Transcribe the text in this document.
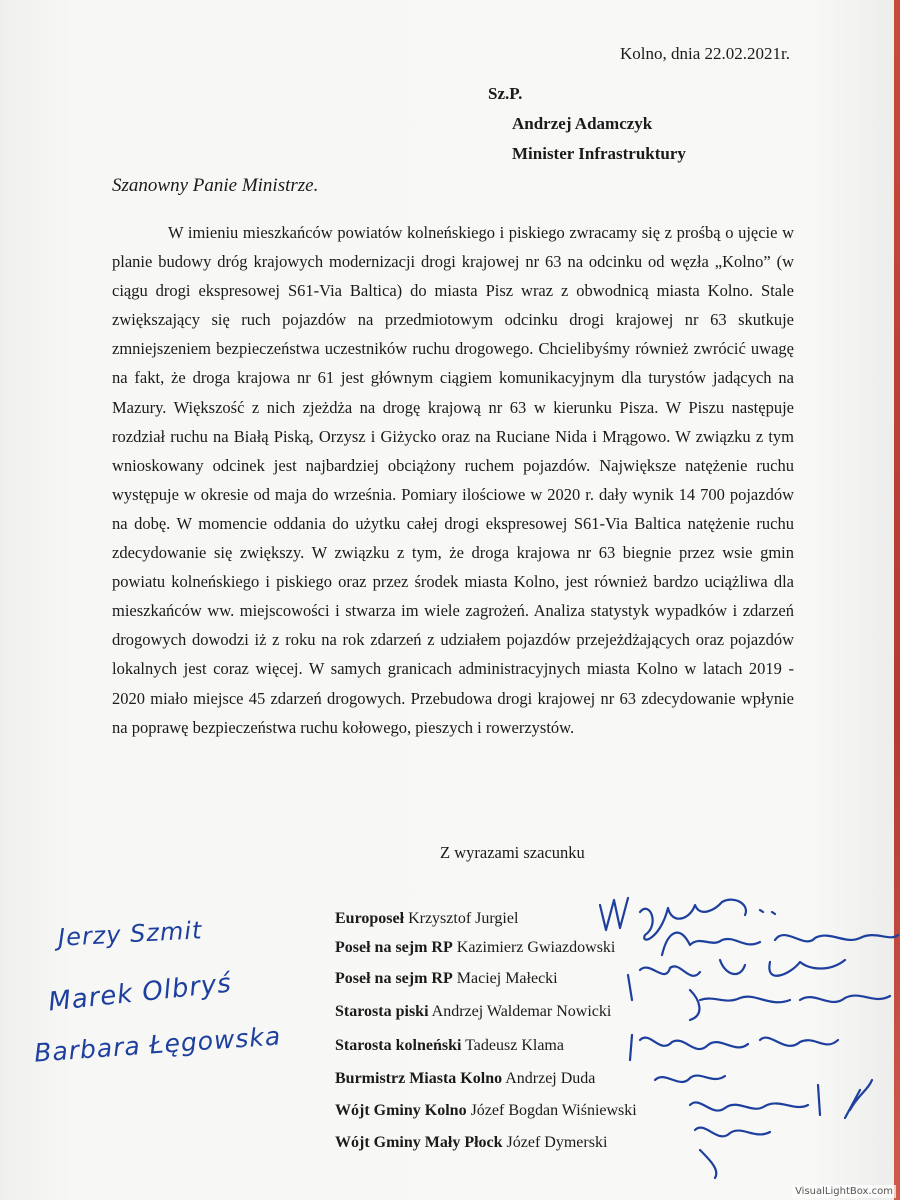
Kolno, dnia 22.02.2021r.
Sz.P.
Andrzej Adamczyk
Minister Infrastruktury
Szanowny Panie Ministrze.
W imieniu mieszkańców powiatów kolneńskiego i piskiego zwracamy się z prośbą o ujęcie w planie budowy dróg krajowych modernizacji drogi krajowej nr 63 na odcinku od węzła „Kolno” (w ciągu drogi ekspresowej S61-Via Baltica) do miasta Pisz wraz z obwodnicą miasta Kolno. Stale zwiększający się ruch pojazdów na przedmiotowym odcinku drogi krajowej nr 63 skutkuje zmniejszeniem bezpieczeństwa uczestników ruchu drogowego. Chcielibyśmy również zwrócić uwagę na fakt, że droga krajowa nr 61 jest głównym ciągiem komunikacyjnym dla turystów jadących na Mazury. Większość z nich zjeżdża na drogę krajową nr 63 w kierunku Pisza. W Piszu następuje rozdział ruchu na Białą Piską, Orzysz i Giżycko oraz na Ruciane Nida i Mrągowo. W związku z tym wnioskowany odcinek jest najbardziej obciążony ruchem pojazdów. Największe natężenie ruchu występuje w okresie od maja do września. Pomiary ilościowe w 2020 r. dały wynik 14 700 pojazdów na dobę. W momencie oddania do użytku całej drogi ekspresowej S61-Via Baltica natężenie ruchu zdecydowanie się zwiększy. W związku z tym, że droga krajowa nr 63 biegnie przez wsie gmin powiatu kolneńskiego i piskiego oraz przez środek miasta Kolno, jest również bardzo uciążliwa dla mieszkańców ww. miejscowości i stwarza im wiele zagrożeń. Analiza statystyk wypadków i zdarzeń drogowych dowodzi iż z roku na rok zdarzeń z udziałem pojazdów przejeżdżających oraz pojazdów lokalnych jest coraz więcej. W samych granicach administracyjnych miasta Kolno w latach 2019 - 2020 miało miejsce 45 zdarzeń drogowych. Przebudowa drogi krajowej nr 63 zdecydowanie wpłynie na poprawę bezpieczeństwa ruchu kołowego, pieszych i rowerzystów.
Z wyrazami szacunku
Europoseł Krzysztof Jurgiel
Poseł na sejm RP Kazimierz Gwiazdowski
Poseł na sejm RP Maciej Małecki
Starosta piski Andrzej Waldemar Nowicki
Starosta kolneński Tadeusz Klama
Burmistrz Miasta Kolno Andrzej Duda
Wójt Gminy Kolno Józef Bogdan Wiśniewski
Wójt Gminy Mały Płock Józef Dymerski
Jerzy Szmit
Marek Olbryś
Barbara Łęgowska
VisualLightBox.com
